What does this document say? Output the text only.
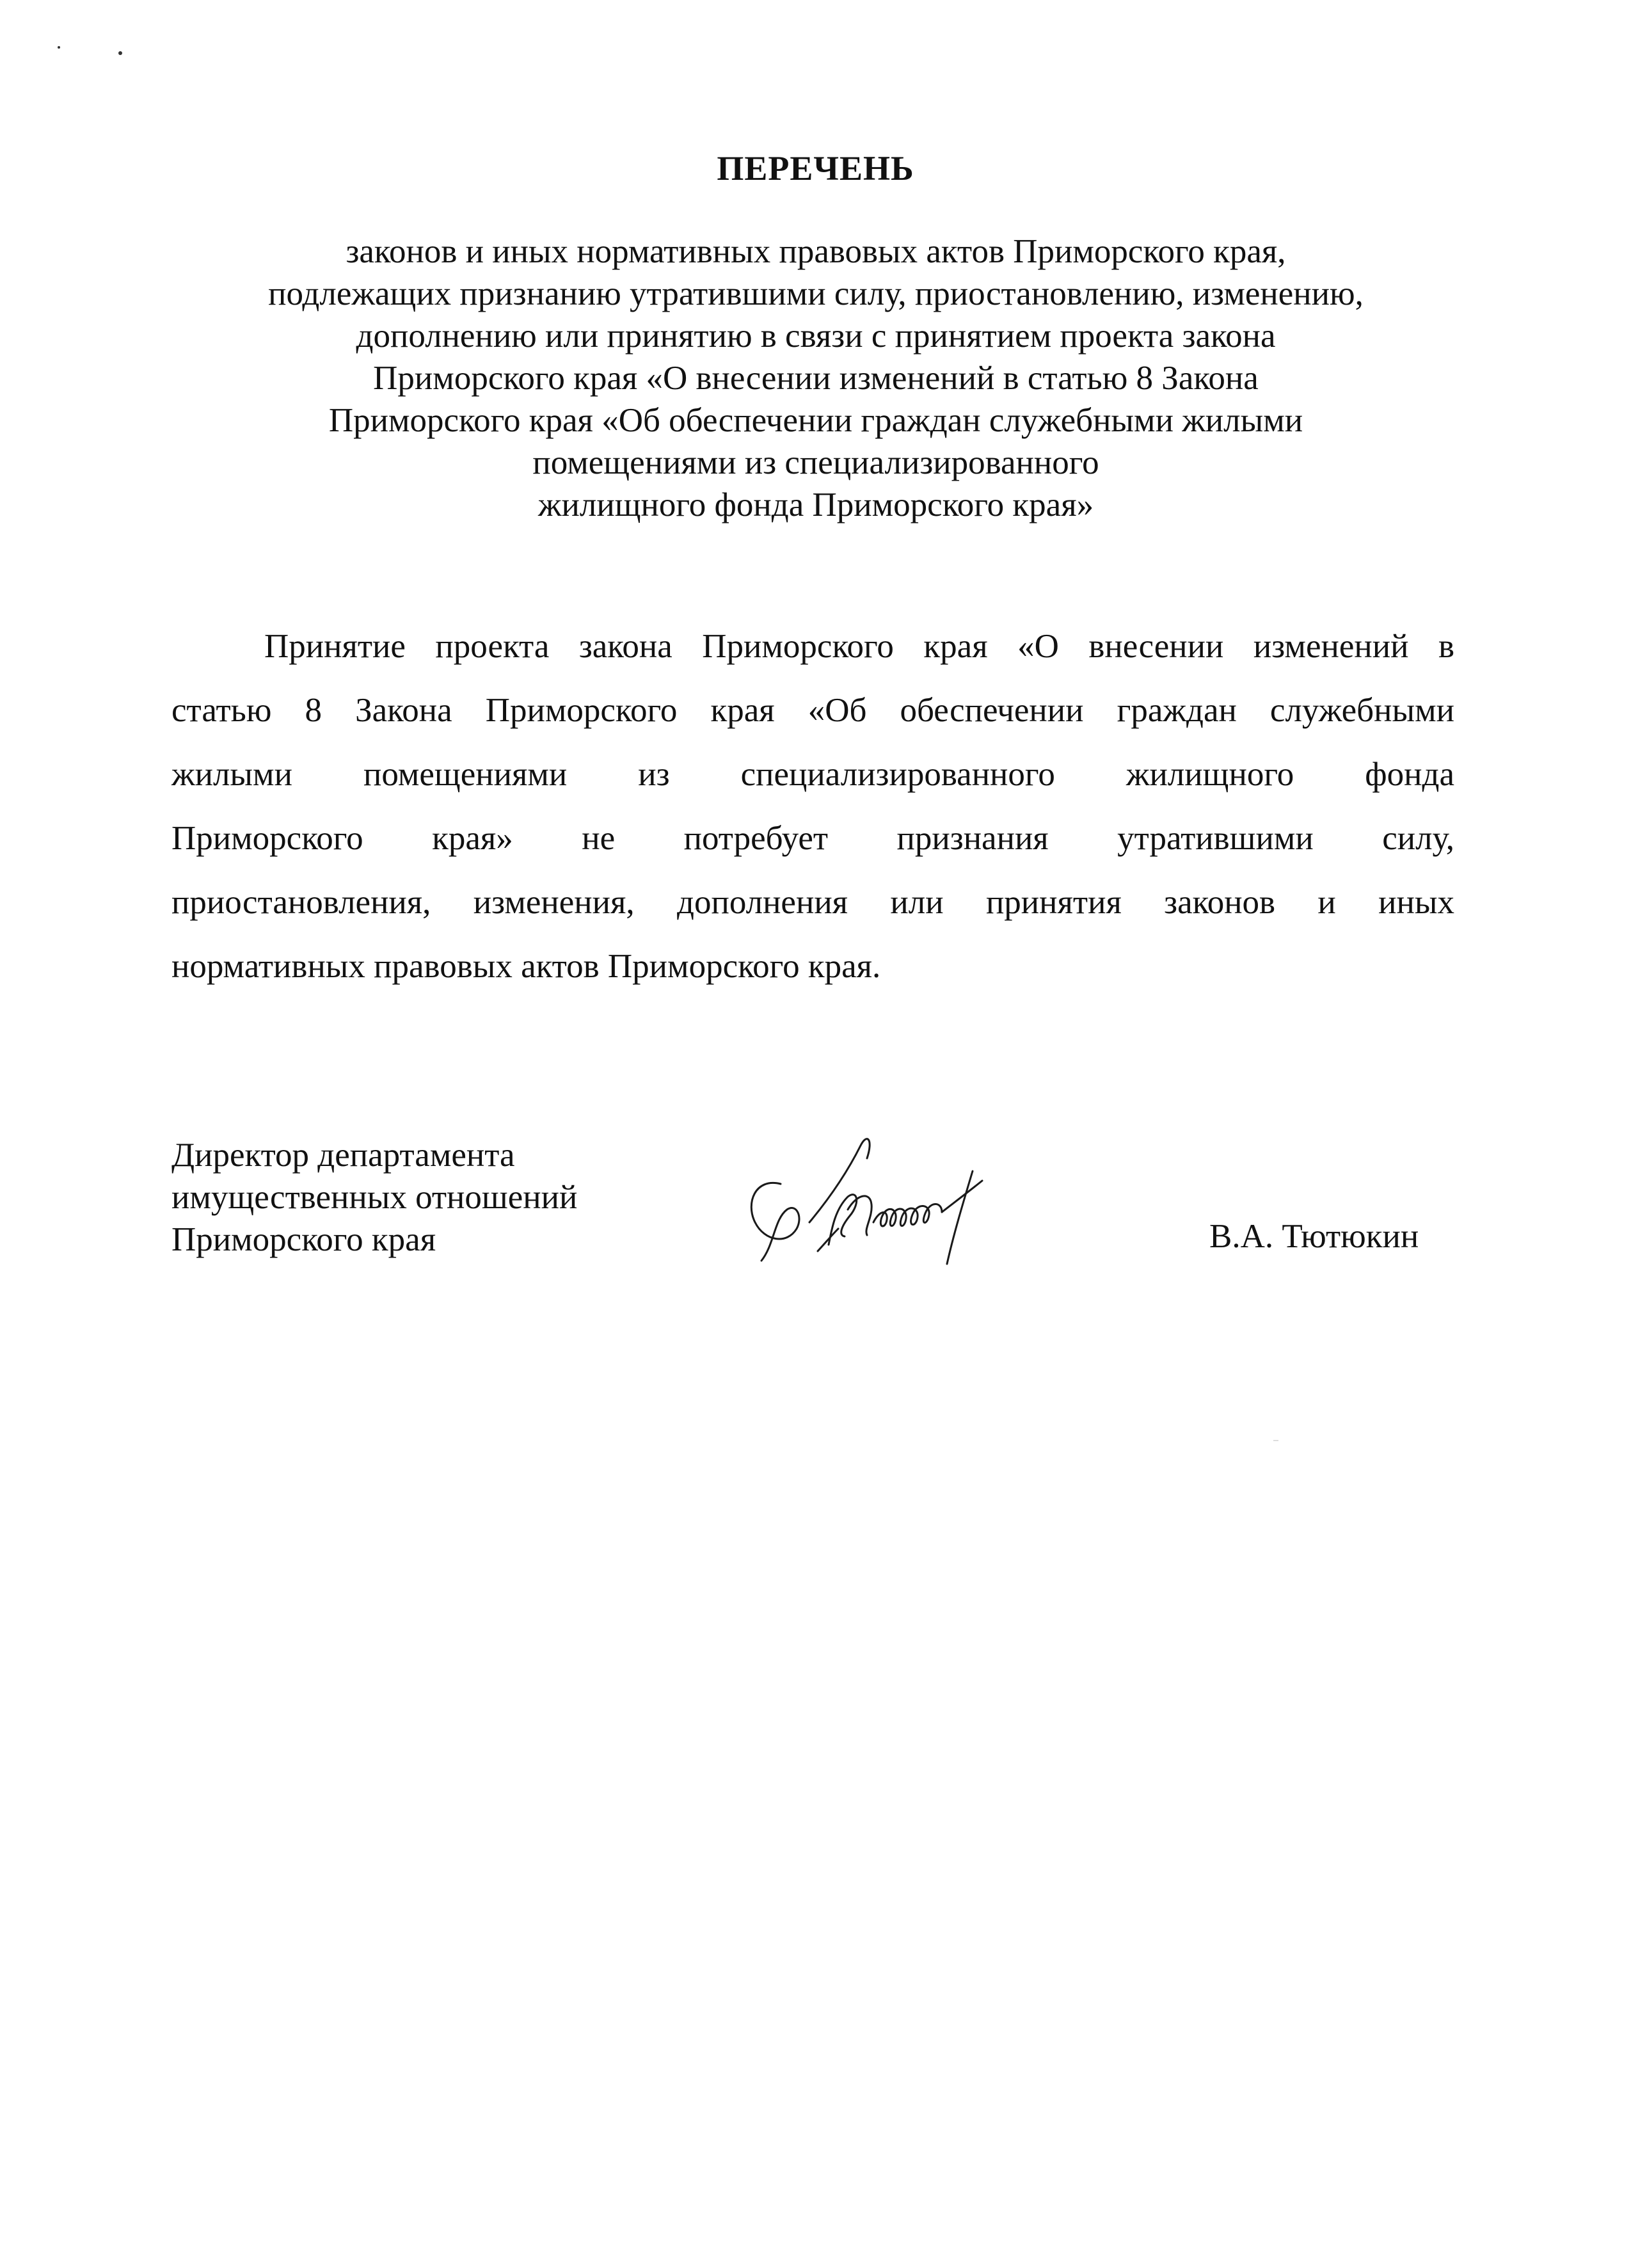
ПЕРЕЧЕНЬ
законов и иных нормативных правовых актов Приморского края,
подлежащих признанию утратившими силу, приостановлению, изменению,
дополнению или принятию в связи с принятием проекта закона
Приморского края «О внесении изменений в статью 8 Закона
Приморского края «Об обеспечении граждан служебными жилыми
помещениями из специализированного
жилищного фонда Приморского края»
Принятие проекта закона Приморского края «О внесении изменений в
статью 8 Закона Приморского края «Об обеспечении граждан служебными
жилыми помещениями из специализированного жилищного фонда
Приморского края» не потребует признания утратившими силу,
приостановления, изменения, дополнения или принятия законов и иных
нормативных правовых актов Приморского края.
Директор департамента
имущественных отношений
Приморского края	В.А. Тютюкин
